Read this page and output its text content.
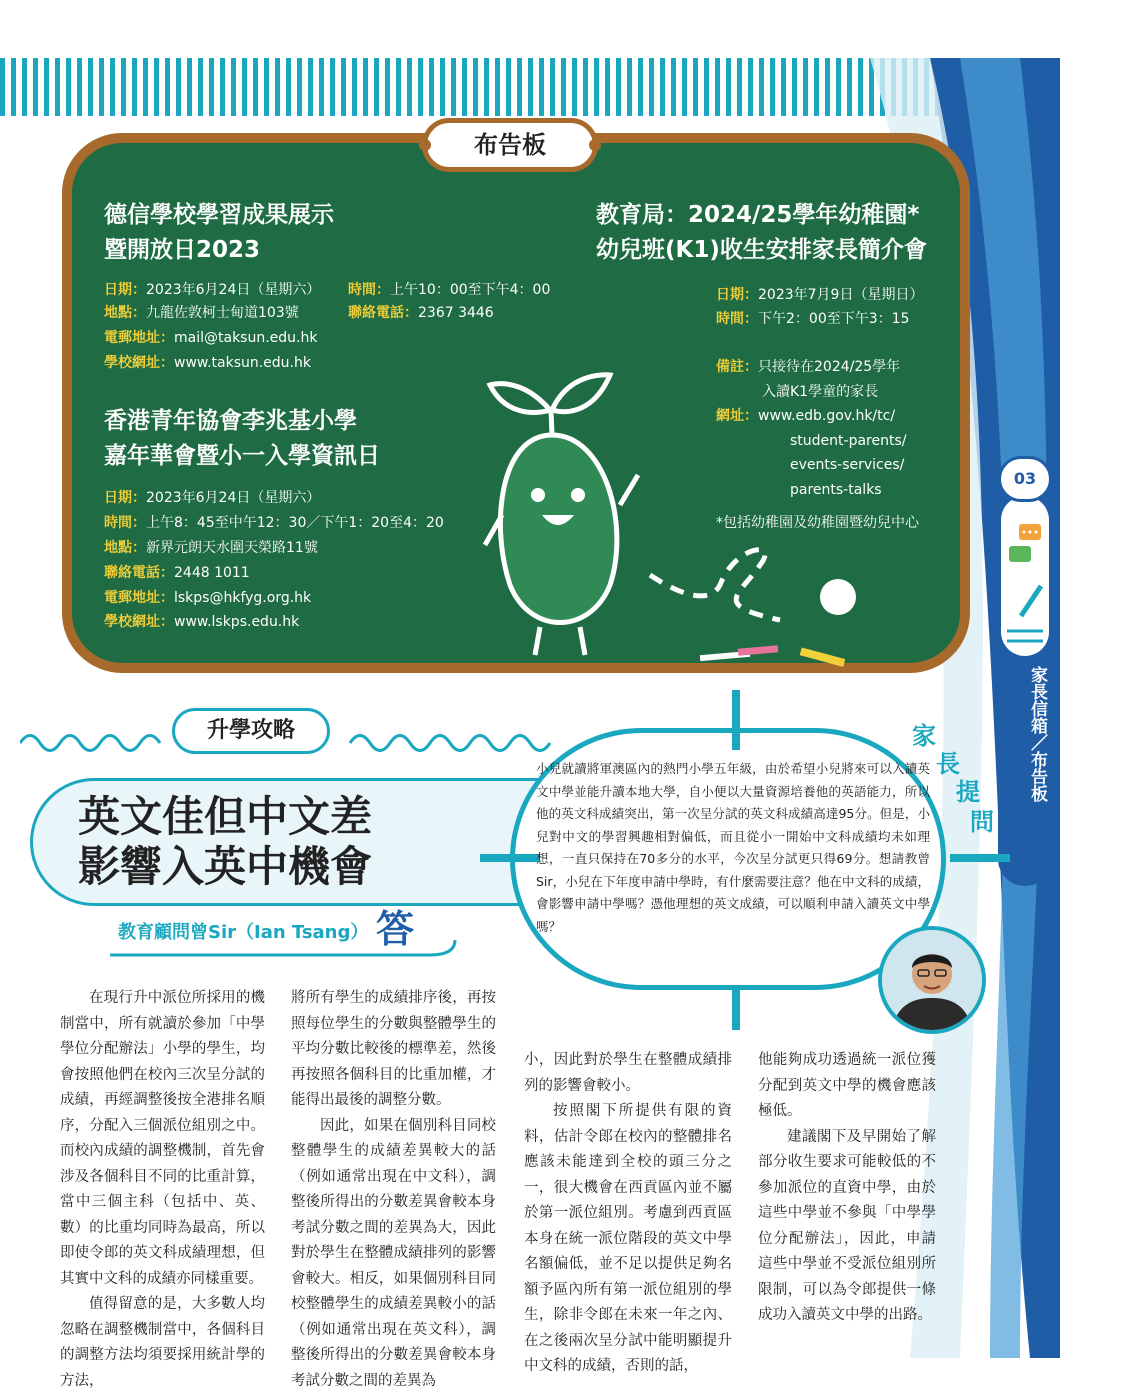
03
家長信箱／布告板
布告板
德信學校學習成果展示
暨開放日2023
日期：2023年6月24日（星期六） 時間：上午10：00至下午4：00
地點：九龍佐敦柯士甸道103號	聯絡電話：2367 3446
電郵地址：mail@taksun.edu.hk
學校網址：www.taksun.edu.hk
香港青年協會李兆基小學
嘉年華會暨小一入學資訊日
日期：2023年6月24日（星期六）
時間：上午8：45至中午12：30／下午1：20至4：20
地點：新界元朗天水圍天榮路11號
聯絡電話：2448 1011
電郵地址：lskps@hkfyg.org.hk
學校網址：www.lskps.edu.hk
教育局：2024/25學年幼稚園*
幼兒班(K1)收生安排家長簡介會
日期：2023年7月9日（星期日）
時間：下午2：00至下午3：15
備註：只接待在2024/25學年
入讀K1學童的家長
網址：www.edb.gov.hk/tc/
student-parents/
events-services/
parents-talks
*包括幼稚園及幼稚園暨幼兒中心
升學攻略
英文佳但中文差
影響入英中機會
教育顧問曾Sir（Ian Tsang） 答
小兒就讀將軍澳區內的熱門小學五年級，由於希望小兒將來可以入讀英文中學並能升讀本地大學，自小便以大量資源培養他的英語能力，所以他的英文科成績突出，第一次呈分試的英文科成績高達95分。但是，小兒對中文的學習興趣相對偏低，而且從小一開始中文科成績均未如理想，一直只保持在70多分的水平，今次呈分試更只得69分。想請教曾Sir，小兒在下年度申請中學時，有什麼需要注意？他在中文科的成績，會影響申請中學嗎？憑他理想的英文成績，可以順利申請入讀英文中學嗎？
家
長
提
問

在現行升中派位所採用的機制當中，所有就讀於參加「中學學位分配辦法」小學的學生，均會按照他們在校內三次呈分試的成績，再經調整後按全港排名順序，分配入三個派位組別之中。而校內成績的調整機制，首先會涉及各個科目不同的比重計算，當中三個主科（包括中、英、數）的比重均同時為最高，所以即使令郎的英文科成績理想，但其實中文科的成績亦同樣重要。

值得留意的是，大多數人均忽略在調整機制當中，各個科目的調整方法均須要採用統計學的方法，

將所有學生的成績排序後，再按照每位學生的分數與整體學生的平均分數比較後的標準差，然後再按照各個科目的比重加權，才能得出最後的調整分數。

因此，如果在個別科目同校整體學生的成績差異較大的話（例如通常出現在中文科），調整後所得出的分數差異會較本身考試分數之間的差異為大，因此對於學生在整體成績排列的影響會較大。相反，如果個別科目同校整體學生的成績差異較小的話（例如通常出現在英文科），調整後所得出的分數差異會較本身考試分數之間的差異為

小，因此對於學生在整體成績排列的影響會較小。

按照閣下所提供有限的資料，估計令郎在校內的整體排名應該未能達到全校的頭三分之一，很大機會在西貢區內並不屬於第一派位組別。考慮到西貢區本身在統一派位階段的英文中學名額偏低，並不足以提供足夠名額予區內所有第一派位組別的學生，除非令郎在未來一年之內、在之後兩次呈分試中能明顯提升中文科的成績，否則的話，

他能夠成功透過統一派位獲分配到英文中學的機會應該極低。

建議閣下及早開始了解部分收生要求可能較低的不參加派位的直資中學，由於這些中學並不參與「中學學位分配辦法」，因此，申請這些中學並不受派位組別所限制，可以為令郎提供一條成功入讀英文中學的出路。
